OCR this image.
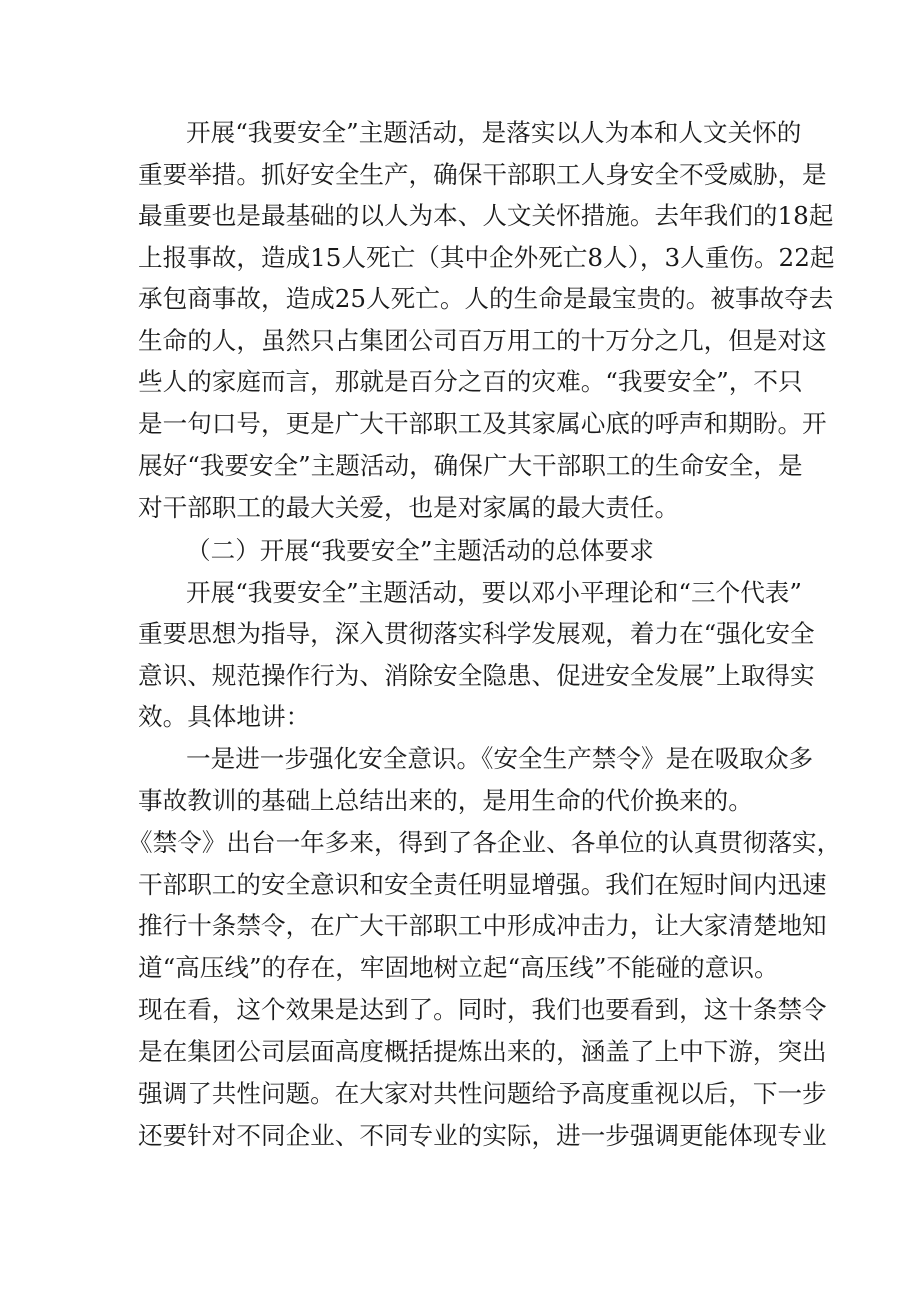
开展“我要安全”主题活动，是落实以人为本和人文关怀的

重要举措。抓好安全生产，确保干部职工人身安全不受威胁，是

最重要也是最基础的以人为本、人文关怀措施。去年我们的18起

上报事故，造成15人死亡（其中企外死亡8人），3人重伤。22起

承包商事故，造成25人死亡。人的生命是最宝贵的。被事故夺去

生命的人，虽然只占集团公司百万用工的十万分之几，但是对这

些人的家庭而言，那就是百分之百的灾难。“我要安全”，不只

是一句口号，更是广大干部职工及其家属心底的呼声和期盼。开

展好“我要安全”主题活动，确保广大干部职工的生命安全，是

对干部职工的最大关爱，也是对家属的最大责任。

（二）开展“我要安全”主题活动的总体要求

开展“我要安全”主题活动，要以邓小平理论和“三个代表”

重要思想为指导，深入贯彻落实科学发展观，着力在“强化安全

意识、规范操作行为、消除安全隐患、促进安全发展”上取得实

效。具体地讲：

一是进一步强化安全意识。《安全生产禁令》是在吸取众多

事故教训的基础上总结出来的，是用生命的代价换来的。

《禁令》出台一年多来，得到了各企业、各单位的认真贯彻落实，

干部职工的安全意识和安全责任明显增强。我们在短时间内迅速

推行十条禁令，在广大干部职工中形成冲击力，让大家清楚地知

道“高压线”的存在，牢固地树立起“高压线”不能碰的意识。

现在看，这个效果是达到了。同时，我们也要看到，这十条禁令

是在集团公司层面高度概括提炼出来的，涵盖了上中下游，突出

强调了共性问题。在大家对共性问题给予高度重视以后，下一步

还要针对不同企业、不同专业的实际，进一步强调更能体现专业
